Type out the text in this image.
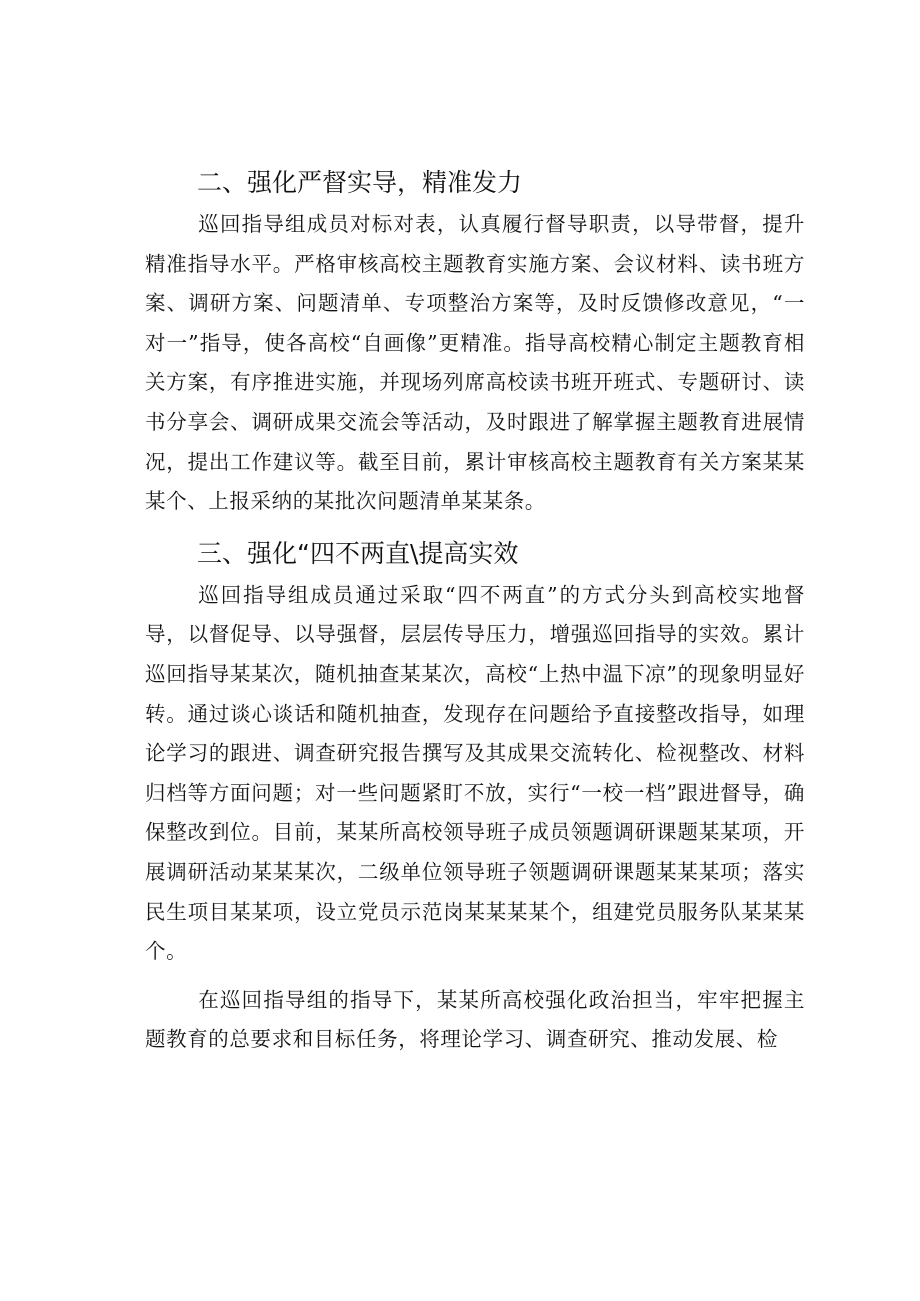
二、强化严督实导，精准发力

巡回指导组成员对标对表，认真履行督导职责，以导带督，提升精准指导水平。严格审核高校主题教育实施方案、会议材料、读书班方案、调研方案、问题清单、专项整治方案等，及时反馈修改意见，“一对一”指导，使各高校“自画像”更精准。指导高校精心制定主题教育相关方案，有序推进实施，并现场列席高校读书班开班式、专题研讨、读书分享会、调研成果交流会等活动，及时跟进了解掌握主题教育进展情况，提出工作建议等。截至目前，累计审核高校主题教育有关方案某某某个、上报采纳的某批次问题清单某某条。

三、强化“四不两直\提高实效

巡回指导组成员通过采取“四不两直”的方式分头到高校实地督导，以督促导、以导强督，层层传导压力，增强巡回指导的实效。累计巡回指导某某次，随机抽查某某次，高校“上热中温下凉”的现象明显好转。通过谈心谈话和随机抽查，发现存在问题给予直接整改指导，如理论学习的跟进、调查研究报告撰写及其成果交流转化、检视整改、材料归档等方面问题；对一些问题紧盯不放，实行“一校一档”跟进督导，确保整改到位。目前，某某所高校领导班子成员领题调研课题某某项，开展调研活动某某某次，二级单位领导班子领题调研课题某某某项；落实民生项目某某项，设立党员示范岗某某某某个，组建党员服务队某某某个。

在巡回指导组的指导下，某某所高校强化政治担当，牢牢把握主题教育的总要求和目标任务，将理论学习、调查研究、推动发展、检
